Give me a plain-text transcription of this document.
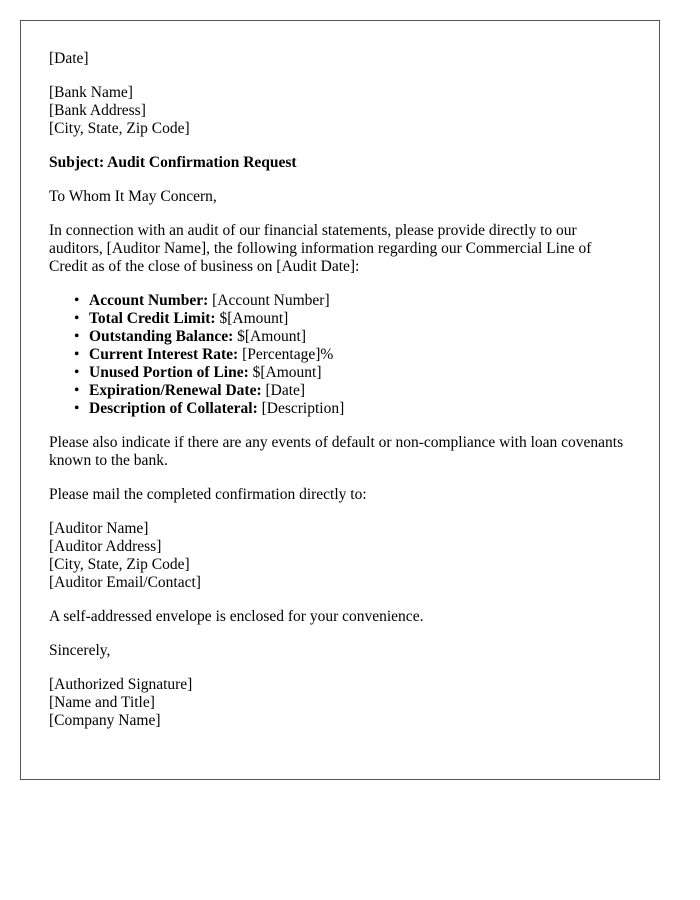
[Date]
[Bank Name]
[Bank Address]
[City, State, Zip Code]
Subject: Audit Confirmation Request

To Whom It May Concern,

In connection with an audit of our financial statements, please provide directly to our auditors, [Auditor Name], the following information regarding our Commercial Line of Credit as of the close of business on [Audit Date]:

• Account Number: [Account Number]
• Total Credit Limit: $[Amount]
• Outstanding Balance: $[Amount]
• Current Interest Rate: [Percentage]%
• Unused Portion of Line: $[Amount]
• Expiration/Renewal Date: [Date]
• Description of Collateral: [Description]

Please also indicate if there are any events of default or non-compliance with loan covenants known to the bank.

Please mail the completed confirmation directly to:

[Auditor Name]
[Auditor Address]
[City, State, Zip Code]
[Auditor Email/Contact]

A self-addressed envelope is enclosed for your convenience.

Sincerely,

[Authorized Signature]
[Name and Title]
[Company Name]
